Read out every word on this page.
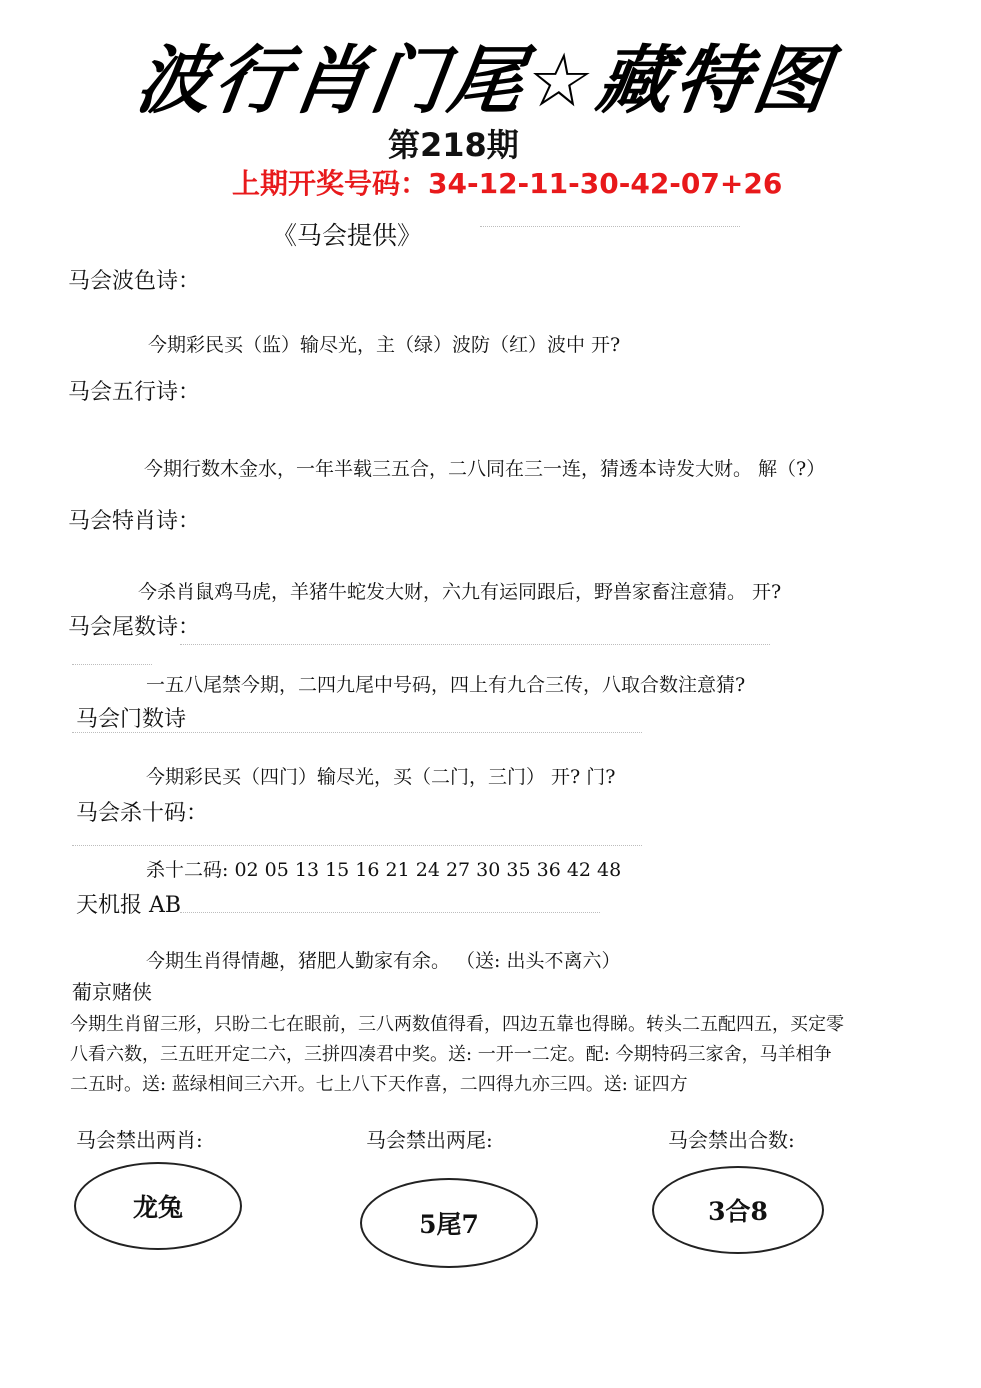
波行肖门尾☆藏特图
第218期
上期开奖号码：34-12-11-30-42-07+26
《马会提供》
马会波色诗：
今期彩民买（监）输尽光，主（绿）波防（红）波中 开?
马会五行诗：
今期行数木金水，一年半载三五合，二八同在三一连，猜透本诗发大财。 解（?）
马会特肖诗：
今杀肖鼠鸡马虎，羊猪牛蛇发大财，六九有运同跟后，野兽家畜注意猜。 开?
马会尾数诗：
一五八尾禁今期，二四九尾中号码，四上有九合三传，八取合数注意猜?
马会门数诗
今期彩民买（四门）输尽光，买（二门，三门） 开? 门?
马会杀十码：
杀十二码: 02 05 13 15 16 21 24 27 30 35 36 42 48
天机报 AB
今期生肖得情趣，猪肥人勤家有余。 （送: 出头不离六）
葡京赌侠
今期生肖留三形，只盼二七在眼前，三八两数值得看，四边五靠也得睇。转头二五配四五，买定零
八看六数，三五旺开定二六，三拼四凑君中奖。送: 一开一二定。配: 今期特码三家舍，马羊相争
二五时。送: 蓝绿相间三六开。七上八下天作喜，二四得九亦三四。送: 证四方
马会禁出两肖:	马会禁出两尾:	马会禁出合数:
龙兔
5尾7	3合8
